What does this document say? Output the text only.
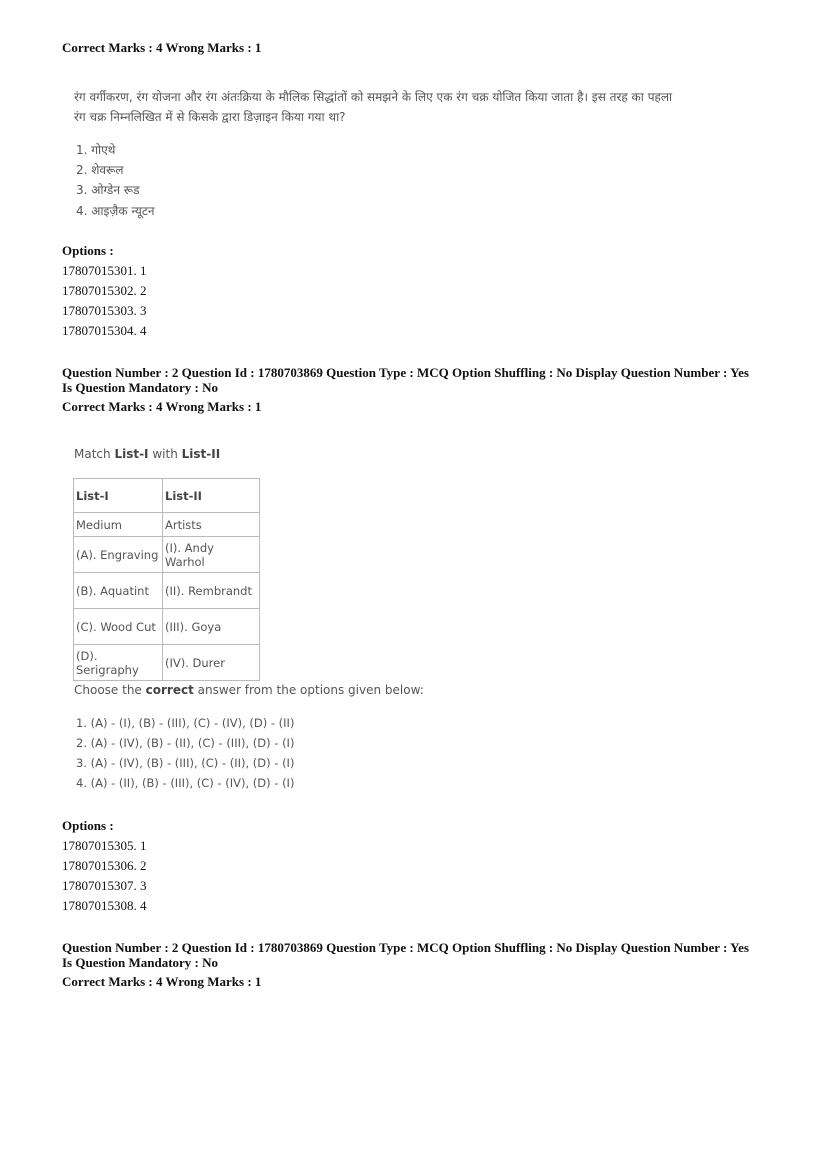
Correct Marks : 4 Wrong Marks : 1
रंग वर्गीकरण, रंग योजना और रंग अंतःक्रिया के मौलिक सिद्धांतों को समझने के लिए एक रंग चक्र योजित किया जाता है। इस तरह का पहला
रंग चक्र निम्नलिखित में से किसके द्वारा डिज़ाइन किया गया था?
1. गोएथे
2. शेवरूल
3. ओग्डेन रूड
4. आइज़ैक न्यूटन
Options :
17807015301. 1
17807015302. 2
17807015303. 3
17807015304. 4
Question Number : 2 Question Id : 1780703869 Question Type : MCQ Option Shuffling : No Display Question Number : Yes
Is Question Mandatory : No
Correct Marks : 4 Wrong Marks : 1
Match List-I with List-II
List-I	List-II
Medium	Artists
(A). Engraving	(I). Andy Warhol
(B). Aquatint	(II). Rembrandt
(C). Wood Cut	(III). Goya
(D). Serigraphy	(IV). Durer
Choose the correct answer from the options given below:
1. (A) - (I), (B) - (III), (C) - (IV), (D) - (II)
2. (A) - (IV), (B) - (II), (C) - (III), (D) - (I)
3. (A) - (IV), (B) - (III), (C) - (II), (D) - (I)
4. (A) - (II), (B) - (III), (C) - (IV), (D) - (I)
Options :
17807015305. 1
17807015306. 2
17807015307. 3
17807015308. 4
Question Number : 2 Question Id : 1780703869 Question Type : MCQ Option Shuffling : No Display Question Number : Yes
Is Question Mandatory : No
Correct Marks : 4 Wrong Marks : 1
